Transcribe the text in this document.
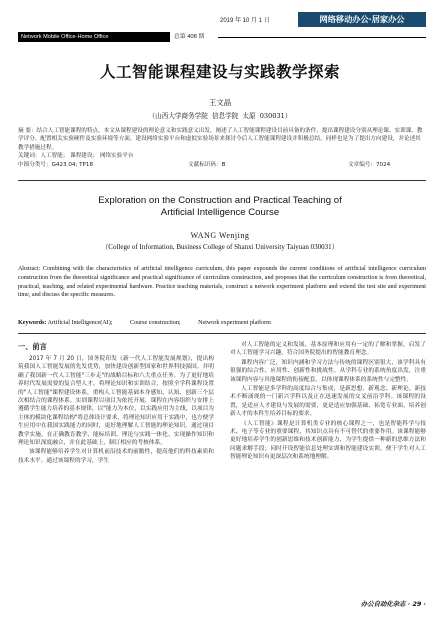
2019 年 10 月 1 日	网络移动办公·居家办公
Network Mobile Office·Home Office	总第 408 期
人工智能课程建设与实践教学探索
王文晶
（山西大学商务学院 信息学院 太原 030031）
摘 要：结合人工智能课程的特点，本文从课程建设的理论意义和实践意义出发，阐述了人工智能课程建设目前具备的条件，提出课程建设分别从理论课、实训课、教学评分、配置相关实验硬件及实验环境等方面，建设网络实验平台和虚拟实验场景来探讨今后人工智能课程建设并积极总结，同样也是为了提出方向建设，并论述其教学措施过程。
关键词：人工智能； 课程建设； 网络实验平台
中图分类号：G423.04; TP18	文献标识码：B	文章编号：7024
Exploration on the Construction and Practical Teaching of
Artificial Intelligence Course
WANG Wenjing
（College of Information, Business College of Shanxi University Taiyuan 030031）
Abstract: Combining with the characteristics of artificial intelligence curriculum, this paper expounds the current conditions of artificial intelligence curriculum construction from the theoretical significance and practical significance of curriculum construction, and proposes that the curriculum construction is from theoretical, practical, teaching, and related experimental hardware. Practice teaching materials, construct a network experiment platform and extend the test site and experiment time, and discuss the specific measures.
Keywords: Artificial Intelligence(AI);	Course construction;	Network experiment platform
一、前言

2017 年 7 月 20 日，国务院印发《新一代人工智能发展规划》，提出构筑我国人工智能发展的先发优势，加快建设创新型国家和世界科技强国。并明确了我国新一代人工智能"三步走"的战略目标和六大重点任务。为了更好地培养时代发展需要的复合型人才，将理论知识和实训结合，按照全学科课程设置的"人工智能"课程建设体系，重构人工智能基础本身感知、认知、创新三个层次相结合的课程体系。实训课程以项目为依托开展，课程在内容组织与安排上遵循学生能力培养的基本规律，以"能力为本位，以实践应用为主线，以项目为主体的模块化课程结构"将总体设计要求，将理论知识应用于实践中，也方便学生应用中在我国实践能力的同时，更好地理解人工智能的理论知识。通过项目教学实施，在正确教育教学、能标培训、理论与实践一体化、实现操作知识和理论知识深度融合，并在此基础上，制订相应的考核体系。

该课程能够培养学生对计算机前沿技术的前瞻性，提高他们的科技素质和技术水平。通过该课程的学习，学生

对人工智能的定义和发展、基本原理和应用有一定的了解和掌握，启发了对人工智能学习兴趣，符合国务院提出的智能教育理念。

课程内容广泛，知识内涵和学习方法与传统的课程区别很大，该学科具有很强的综合性、应用性、创新性和挑战性。从学科专业的系统角度出发，注重该课程内容与其他课程的衔接配套，以体现课程体系的系统性与完整性。

人工智能是多学科的高度综合与集成，是新思想、新观念、新理论、新技术不断涌现的一门新兴学科以及正在迅速发展的交叉前沿学科。该课程的设置，是适应人才建设与发展的需要，更是适应加强基础、拓宽专业面、培养创新人才的本科生培养目标的要求。

《人工智能》课程是计算机类专业的核心课程之一，也是智能科学与技术、电子等专业的重要课程，其知识点具有不可替代的重要作用。该课程能够更好地培养学生的创新思维和技术创新能力，为学生提供一种新的思维方法和问题求解手段；同时开设智能信息处理实训和智能建设实训，便于学生对人工智能理论知识有更深层次和系统地理解。

办公自动化杂志 · 29 ·
